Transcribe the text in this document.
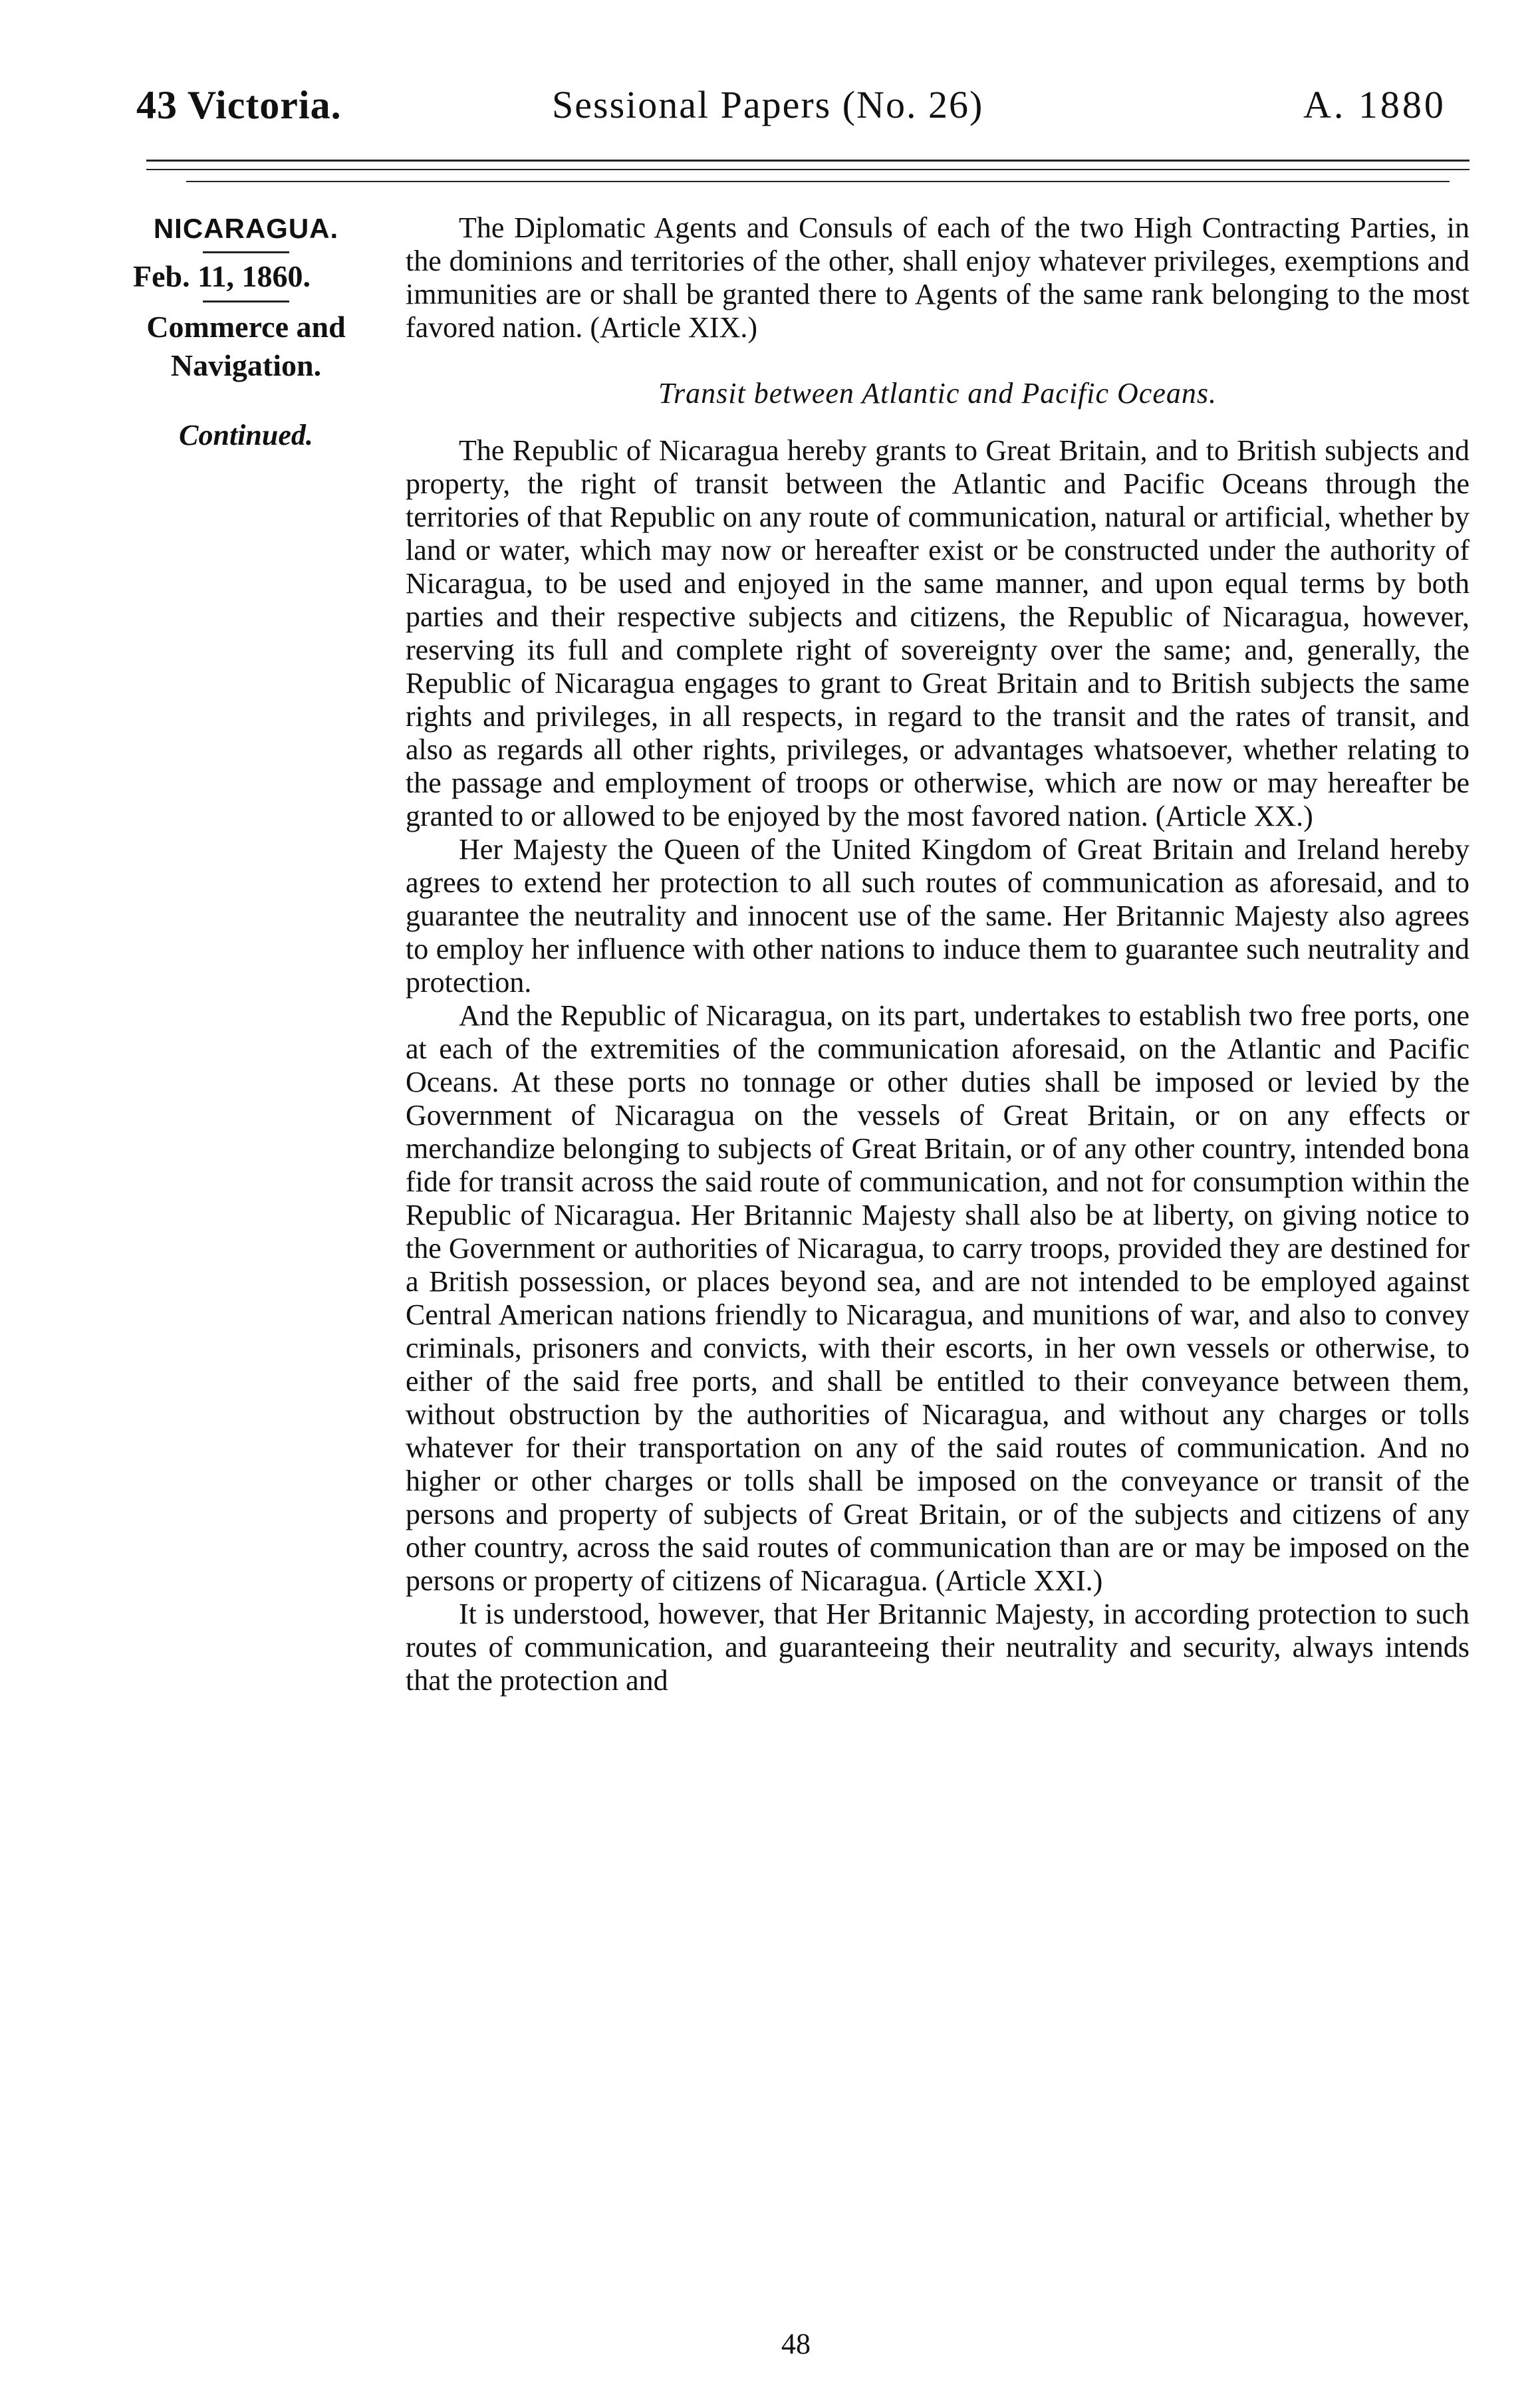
43 Victoria.	Sessional Papers (No. 26)	A. 1880
NICARAGUA.
Feb. 11, 1860.
Commerce and Navigation.
Continued.

The Diplomatic Agents and Consuls of each of the two High Contracting Parties, in the dominions and territories of the other, shall enjoy whatever privileges, exemptions and immunities are or shall be granted there to Agents of the same rank belonging to the most favored nation. (Article XIX.)

Transit between Atlantic and Pacific Oceans.

The Republic of Nicaragua hereby grants to Great Britain, and to British subjects and property, the right of transit between the Atlantic and Pacific Oceans through the territories of that Republic on any route of communication, natural or artificial, whether by land or water, which may now or hereafter exist or be constructed under the authority of Nicaragua, to be used and enjoyed in the same manner, and upon equal terms by both parties and their respective subjects and citizens, the Republic of Nicaragua, however, reserving its full and complete right of sovereignty over the same; and, generally, the Republic of Nicaragua engages to grant to Great Britain and to British subjects the same rights and privileges, in all respects, in regard to the transit and the rates of transit, and also as regards all other rights, privileges, or advantages whatsoever, whether relating to the passage and employment of troops or otherwise, which are now or may hereafter be granted to or allowed to be enjoyed by the most favored nation. (Article XX.)

Her Majesty the Queen of the United Kingdom of Great Britain and Ireland hereby agrees to extend her protection to all such routes of communication as aforesaid, and to guarantee the neutrality and innocent use of the same. Her Britannic Majesty also agrees to employ her influence with other nations to induce them to guarantee such neutrality and protection.

And the Republic of Nicaragua, on its part, undertakes to establish two free ports, one at each of the extremities of the communication aforesaid, on the Atlantic and Pacific Oceans. At these ports no tonnage or other duties shall be imposed or levied by the Government of Nicaragua on the vessels of Great Britain, or on any effects or merchandize belonging to subjects of Great Britain, or of any other country, intended bona fide for transit across the said route of communication, and not for consumption within the Republic of Nicaragua. Her Britannic Majesty shall also be at liberty, on giving notice to the Government or authorities of Nicaragua, to carry troops, provided they are destined for a British possession, or places beyond sea, and are not intended to be employed against Central American nations friendly to Nicaragua, and munitions of war, and also to convey criminals, prisoners and convicts, with their escorts, in her own vessels or otherwise, to either of the said free ports, and shall be entitled to their conveyance between them, without obstruction by the authorities of Nicaragua, and without any charges or tolls whatever for their transportation on any of the said routes of communication. And no higher or other charges or tolls shall be imposed on the conveyance or transit of the persons and property of subjects of Great Britain, or of the subjects and citizens of any other country, across the said routes of communication than are or may be imposed on the persons or property of citizens of Nicaragua. (Article XXI.)

It is understood, however, that Her Britannic Majesty, in according protection to such routes of communication, and guaranteeing their neutrality and security, always intends that the protection and

48
